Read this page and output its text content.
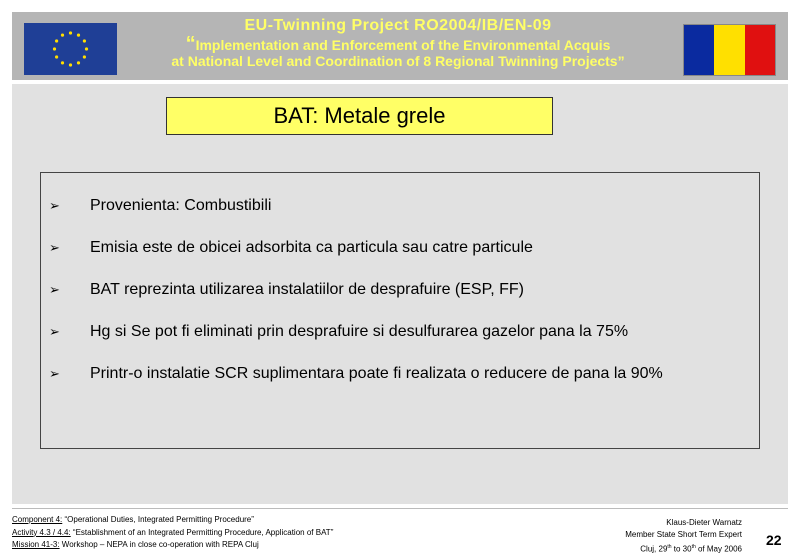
EU-Twinning Project RO2004/IB/EN-09
“Implementation and Enforcement of the Environmental Acquis
at National Level and Coordination of 8 Regional Twinning Projects”
BAT: Metale grele
➢ Provenienta: Combustibili
➢ Emisia este de obicei adsorbita ca particula sau catre particule
➢ BAT reprezinta utilizarea instalatiilor de desprafuire (ESP, FF)
➢ Hg si Se pot fi eliminati prin desprafuire si desulfurarea gazelor pana la 75%
➢ Printr-o instalatie SCR suplimentara poate fi realizata o reducere de pana la 90%
Component 4: “Operational Duties, Integrated Permitting Procedure”
Activity 4.3 / 4.4: “Establishment of an Integrated Permitting Procedure, Application of BAT”
Mission 41-3: Workshop – NEPA in close co-operation with REPA Cluj
Klaus-Dieter Warnatz
Member State Short Term Expert
Cluj, 29th to 30th of May 2006
22
